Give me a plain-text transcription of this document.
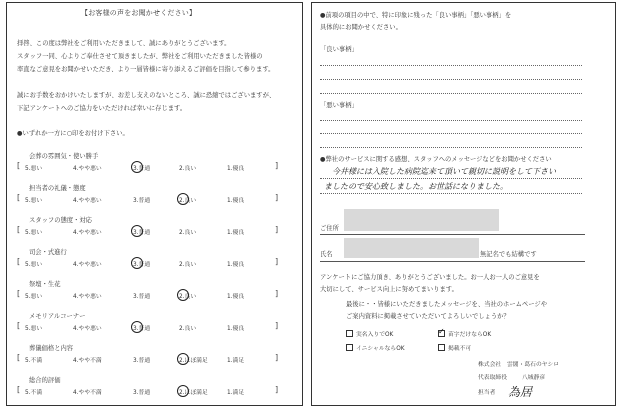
【お客様の声をお聞かせください】
拝啓、この度は弊社をご利用いただきまして、誠にありがとうございます。
スタッフ一同、心よりご奉仕させて頂きましたが、弊社をご利用いただきました皆様の
率直なご意見をお聞かせいただき、より一層皆様に寄り添えるご評価を目指して参ります。
誠にお手数をおかけいたしますが、お差し支えのないところ、誠に恐縮ではございますが、
下記アンケートへのご協力をいただければ幸いに存じます。
●いずれか一方に○印をお付け下さい。
会葬の雰囲気・使い勝手
[	]
5.悪い	4.やや悪い	3.普通	2.良い	1.優良
担当者の礼儀・態度
[	]
5.悪い	4.やや悪い	3.普通	2.良い	1.優良
スタッフの態度・対応
[	]
5.悪い	4.やや悪い	3.普通	2.良い	1.優良
司会・式進行
[	]
5.悪い	4.やや悪い	3.普通	2.良い	1.優良
祭壇・生花
[	]
5.悪い	4.やや悪い	3.普通	2.良い	1.優良
メモリアルコーナー
[	]
5.悪い	4.やや悪い	3.普通	2.良い	1.優良
葬儀価格と内容
[	]
5.不満	4.やや不満	3.普通	2.ほぼ満足	1.満足
総合的評価
[	]
5.不満	4.やや不満	3.普通	2.ほぼ満足	1.満足
●前項の項目の中で、特に印象に残った「良い事柄」「悪い事柄」を
具体的にお聞かせください。
「良い事柄」
「悪い事柄」
●弊社のサービスに関する感想、スタッフへのメッセージなどをお聞かせください
今井様には入院した病院迄来て頂いて親切に説明をして下さい
ましたので安心致しました。お世話になりました。
ご住所
氏名	無記名でも結構です
アンケートにご協力頂き、ありがとうございました。お一人お一人のご意見を
大切にして、サービス向上に努めてまいります。
最後に・・皆様にいただきましたメッセージを、当社のホームページや
ご案内資料に掲載させていただいてよろしいでしょうか？
実名入りでOK	✓ 苗字だけならOK
イニシャルならOK	掲載不可
株式会社　雲閣・葛石のヤシロ
代表取締役	八城静彦
担当者 為居
